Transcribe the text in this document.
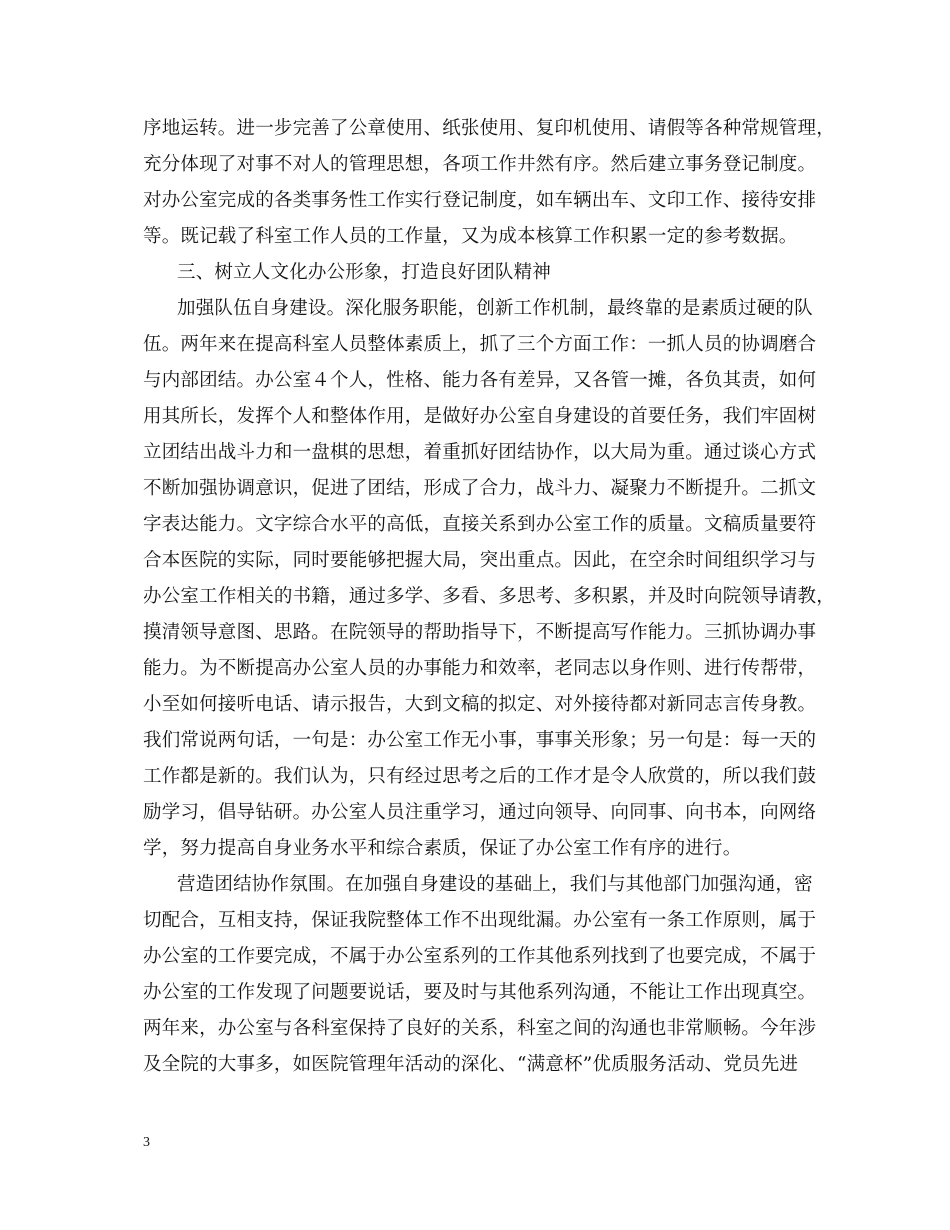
序地运转。进一步完善了公章使用、纸张使用、复印机使用、请假等各种常规管理，
充分体现了对事不对人的管理思想，各项工作井然有序。然后建立事务登记制度。
对办公室完成的各类事务性工作实行登记制度，如车辆出车、文印工作、接待安排
等。既记载了科室工作人员的工作量，又为成本核算工作积累一定的参考数据。
三、树立人文化办公形象，打造良好团队精神
加强队伍自身建设。深化服务职能，创新工作机制，最终靠的是素质过硬的队
伍。两年来在提高科室人员整体素质上，抓了三个方面工作：一抓人员的协调磨合
与内部团结。办公室４个人，性格、能力各有差异，又各管一摊，各负其责，如何
用其所长，发挥个人和整体作用，是做好办公室自身建设的首要任务，我们牢固树
立团结出战斗力和一盘棋的思想，着重抓好团结协作，以大局为重。通过谈心方式
不断加强协调意识，促进了团结，形成了合力，战斗力、凝聚力不断提升。二抓文
字表达能力。文字综合水平的高低，直接关系到办公室工作的质量。文稿质量要符
合本医院的实际，同时要能够把握大局，突出重点。因此，在空余时间组织学习与
办公室工作相关的书籍，通过多学、多看、多思考、多积累，并及时向院领导请教，
摸清领导意图、思路。在院领导的帮助指导下，不断提高写作能力。三抓协调办事
能力。为不断提高办公室人员的办事能力和效率，老同志以身作则、进行传帮带，
小至如何接听电话、请示报告，大到文稿的拟定、对外接待都对新同志言传身教。
我们常说两句话，一句是：办公室工作无小事，事事关形象；另一句是：每一天的
工作都是新的。我们认为，只有经过思考之后的工作才是令人欣赏的，所以我们鼓
励学习，倡导钻研。办公室人员注重学习，通过向领导、向同事、向书本，向网络
学，努力提高自身业务水平和综合素质，保证了办公室工作有序的进行。
营造团结协作氛围。在加强自身建设的基础上，我们与其他部门加强沟通，密
切配合，互相支持，保证我院整体工作不出现纰漏。办公室有一条工作原则，属于
办公室的工作要完成，不属于办公室系列的工作其他系列找到了也要完成，不属于
办公室的工作发现了问题要说话，要及时与其他系列沟通，不能让工作出现真空。
两年来，办公室与各科室保持了良好的关系，科室之间的沟通也非常顺畅。今年涉
及全院的大事多，如医院管理年活动的深化、“满意杯”优质服务活动、党员先进
3
